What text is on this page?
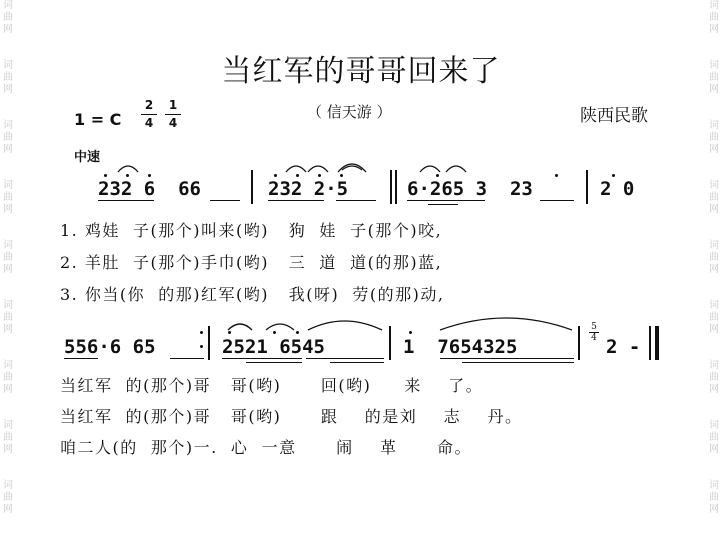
词
曲
网
词
曲
网
词
曲
网
词
曲
网
词
曲
网
词
曲
网
词
曲
网
词
曲
网
词
曲
网
词
曲
网
词
曲
网
词
曲
网
词
曲
网
词
曲
网
词
曲
网
词
曲
网
词
曲
网
词
曲
网
当红军的哥哥回来了
1 = C
2
4
1
4
（ 信天游 ）	陕西民歌
中速
232 6  66	232 2·5	6·265 3  23	2 0
1. 鸡娃  子(那个)叫来(哟)   狗  娃  子(那个)咬,
2. 羊肚  子(那个)手巾(哟)   三  道  道(的那)蓝,
3. 你当(你  的那)红军(哟)   我(呀)  劳(的那)动,
556·6 65	2521 6545	1  7654325
5
4 2 -
当红军  的(那个)哥   哥(哟)      回(哟)     来    了。
当红军  的(那个)哥   哥(哟)      跟    的是刘    志    丹。
咱二人(的  那个)一.  心  一意      闹    革      命。
